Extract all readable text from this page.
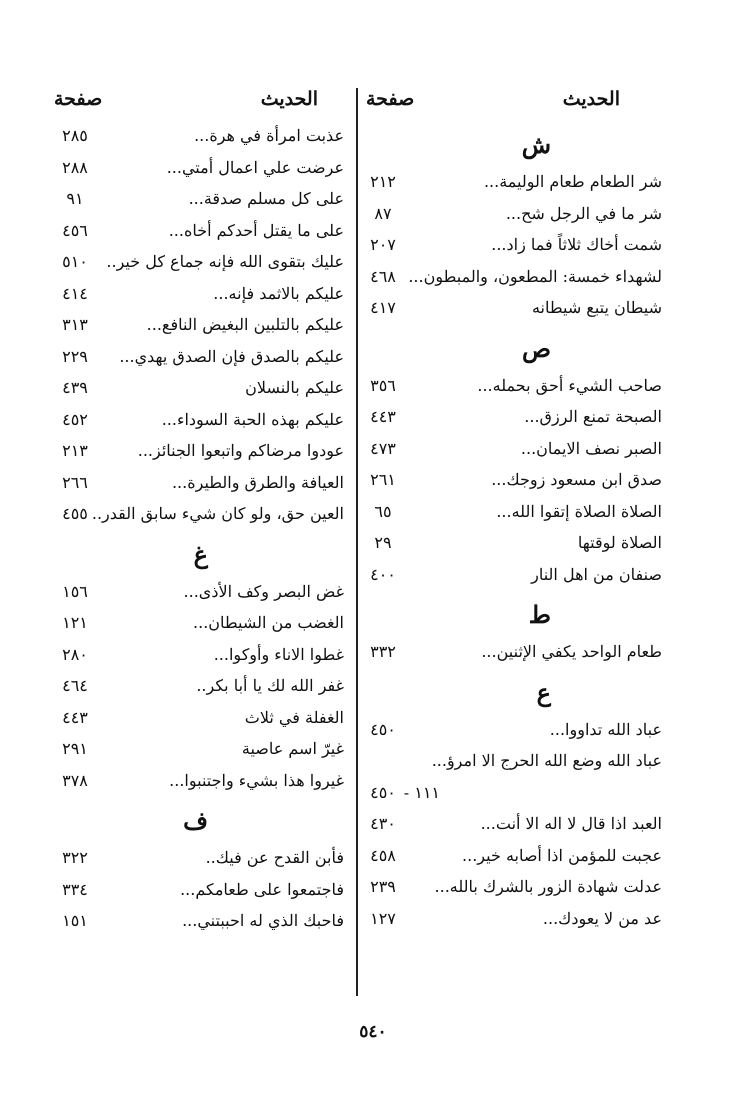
الحديث
صفحة
ش
شر الطعام طعام الوليمة...
٢١٢
شر ما في الرجل شح...
٨٧
شمت أخاك ثلاثاً فما زاد...
٢٠٧
لشهداء خمسة: المطعون، والمبطون...
٤٦٨
شيطان يتبع شيطانه
٤١٧
ص
صاحب الشيء أحق بحمله...
٣٥٦
الصبحة تمنع الرزق...
٤٤٣
الصبر نصف الايمان...
٤٧٣
صدق ابن مسعود زوجك...
٢٦١
الصلاة الصلاة إتقوا الله...
٦٥
الصلاة لوقتها
٢٩
صنفان من اهل النار
٤٠٠
ط
طعام الواحد يكفي الإثنين...
٣٣٢
ع
عباد الله تداووا...
٤٥٠
عباد الله وضع الله الحرج الا امرؤ...
١١١ -
٤٥٠
العبد اذا قال لا اله الا أنت...
٤٣٠
عجبت للمؤمن اذا أصابه خير...
٤٥٨
عدلت شهادة الزور بالشرك بالله...
٢٣٩
عد من لا يعودك...
١٢٧
الحديث
صفحة
عذبت امرأة في هرة...
٢٨٥
عرضت علي اعمال أمتي...
٢٨٨
على كل مسلم صدقة...
٩١
على ما يقتل أحدكم أخاه...
٤٥٦
عليك بتقوى الله فإنه جماع كل خير..
٥١٠
عليكم بالاثمد فإنه...
٤١٤
عليكم بالتلبين البغيض النافع...
٣١٣
عليكم بالصدق فإن الصدق يهدي...
٢٢٩
عليكم بالنسلان
٤٣٩
عليكم بهذه الحبة السوداء...
٤٥٢
عودوا مرضاكم واتبعوا الجنائز...
٢١٣
العيافة والطرق والطيرة...
٢٦٦
العين حق، ولو كان شيء سابق القدر..
٤٥٥
غ
غض البصر وكف الأذى...
١٥٦
الغضب من الشيطان...
١٢١
غطوا الاناء وأوكوا...
٢٨٠
غفر الله لك يا أبا بكر..
٤٦٤
الغفلة في ثلاث
٤٤٣
غيرّ اسم عاصية
٢٩١
غيروا هذا بشيء واجتنبوا...
٣٧٨
ف
فأبن القدح عن فيك..
٣٢٢
فاجتمعوا على طعامكم...
٣٣٤
فاحبك الذي له احببتني...
١٥١
٥٤٠
